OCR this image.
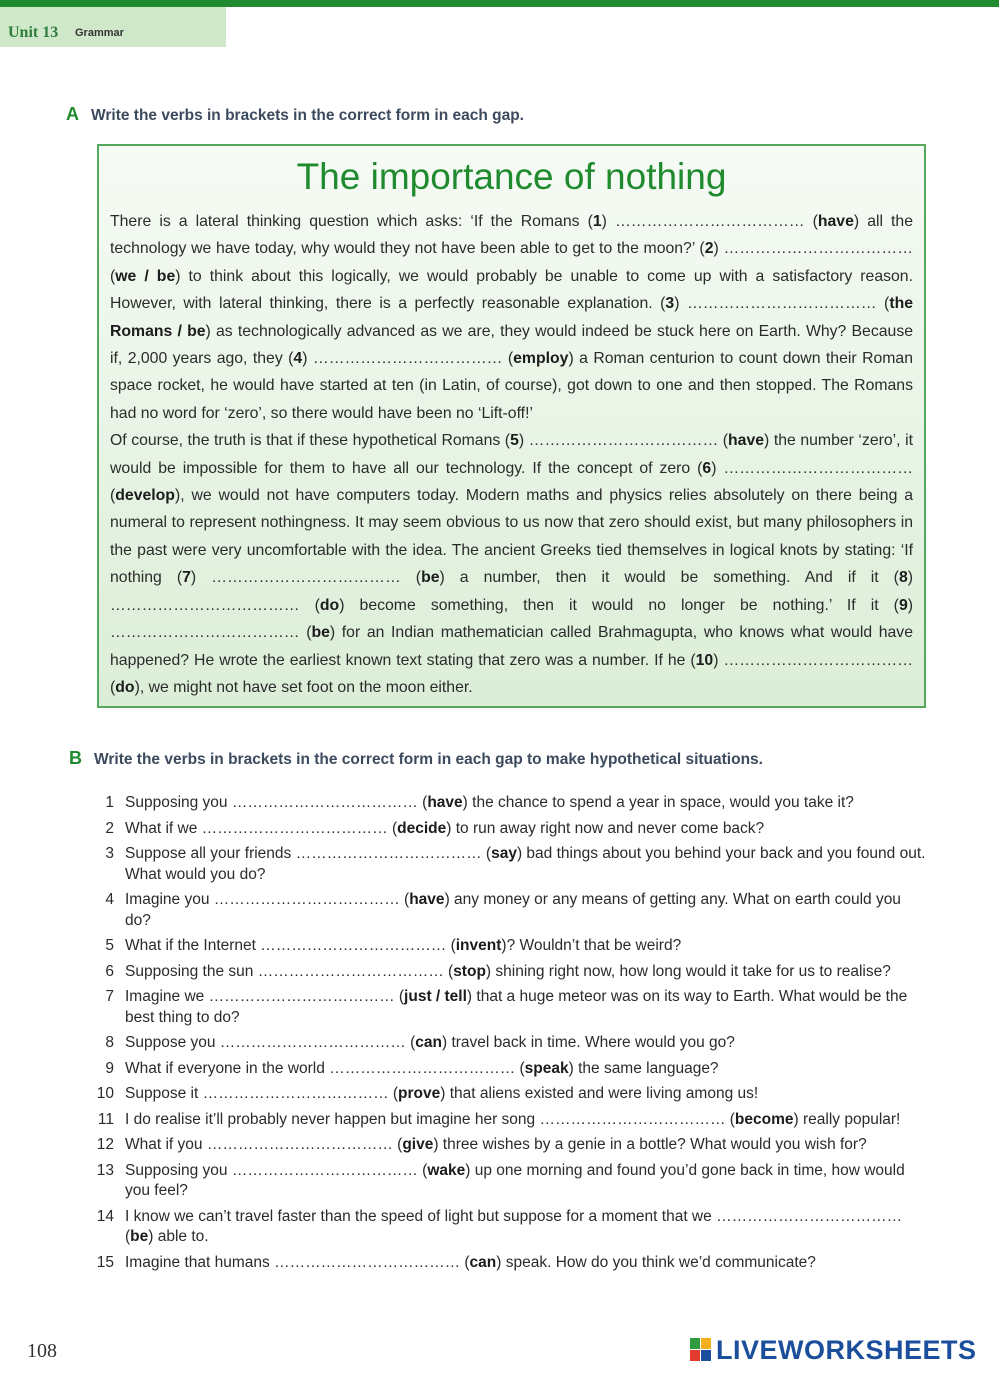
Unit 13 Grammar
A Write the verbs in brackets in the correct form in each gap.
The importance of nothing

There is a lateral thinking question which asks: ‘If the Romans (1) ……………………………… (have) all the technology we have today, why would they not have been able to get to the moon?’ (2) ……………………………… (we / be) to think about this logically, we would probably be unable to come up with a satisfactory reason. However, with lateral thinking, there is a perfectly reasonable explanation. (3) ……………………………… (the Romans / be) as technologically advanced as we are, they would indeed be stuck here on Earth. Why? Because if, 2,000 years ago, they (4) ……………………………… (employ) a Roman centurion to count down their Roman space rocket, he would have started at ten (in Latin, of course), got down to one and then stopped. The Romans had no word for ‘zero’, so there would have been no ‘Lift-off!’

Of course, the truth is that if these hypothetical Romans (5) ……………………………… (have) the number ‘zero’, it would be impossible for them to have all our technology. If the concept of zero (6) ……………………………… (develop), we would not have computers today. Modern maths and physics relies absolutely on there being a numeral to represent nothingness. It may seem obvious to us now that zero should exist, but many philosophers in the past were very uncomfortable with the idea. The ancient Greeks tied themselves in logical knots by stating: ‘If nothing (7) ……………………………… (be) a number, then it would be something. And if it (8) ……………………………… (do) become something, then it would no longer be nothing.’ If it (9) ……………………………… (be) for an Indian mathematician called Brahmagupta, who knows what would have happened? He wrote the earliest known text stating that zero was a number. If he (10) ……………………………… (do), we might not have set foot on the moon either.

B Write the verbs in brackets in the correct form in each gap to make hypothetical situations.
1 Supposing you ……………………………… (have) the chance to spend a year in space, would you take it?
2 What if we ……………………………… (decide) to run away right now and never come back?
3 Suppose all your friends ……………………………… (say) bad things about you behind your back and you found out. What would you do?
4 Imagine you ……………………………… (have) any money or any means of getting any. What on earth could you do?
5 What if the Internet ……………………………… (invent)? Wouldn’t that be weird?
6 Supposing the sun ……………………………… (stop) shining right now, how long would it take for us to realise?
7 Imagine we ……………………………… (just / tell) that a huge meteor was on its way to Earth. What would be the best thing to do?
8 Suppose you ……………………………… (can) travel back in time. Where would you go?
9 What if everyone in the world ……………………………… (speak) the same language?
10 Suppose it ……………………………… (prove) that aliens existed and were living among us!
11 I do realise it’ll probably never happen but imagine her song ……………………………… (become) really popular!
12 What if you ……………………………… (give) three wishes by a genie in a bottle? What would you wish for?
13 Supposing you ……………………………… (wake) up one morning and found you’d gone back in time, how would you feel?
14 I know we can’t travel faster than the speed of light but suppose for a moment that we ……………………………… (be) able to.
15 Imagine that humans ……………………………… (can) speak. How do you think we’d communicate?
108	LIVEWORKSHEETS
